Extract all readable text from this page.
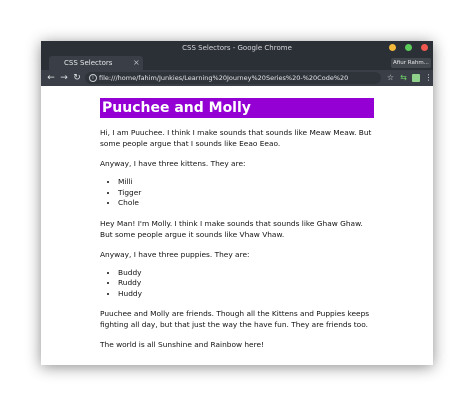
CSS Selectors - Google Chrome
CSS Selectors	×	Afiur Rahm...
← → ↻	i file:///home/fahim/Junkies/Learning%20Journey%20Series%20-%20Code%20	☆ ⇆ ⋮
Puuchee and Molly

Hi, I am Puuchee. I think I make sounds that sounds like Meaw Meaw. But some people argue that I sounds like Eeao Eeao.

Anyway, I have three kittens. They are:

• Milli
• Tigger
• Chole

Hey Man! I'm Molly. I think I make sounds that sounds like Ghaw Ghaw. But some people argue it sounds like Vhaw Vhaw.

Anyway, I have three puppies. They are:

• Buddy
• Ruddy
• Huddy

Puuchee and Molly are friends. Though all the Kittens and Puppies keeps fighting all day, but that just the way the have fun. They are friends too.

The world is all Sunshine and Rainbow here!
